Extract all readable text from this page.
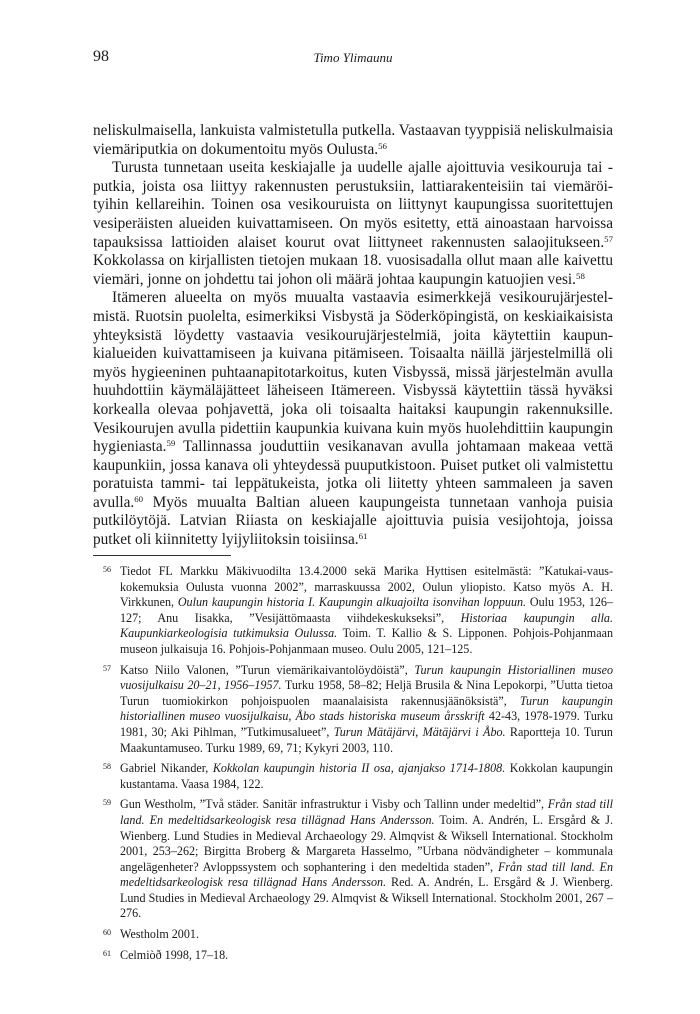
98	Timo Ylimaunu

neliskulmaisella, lankuista valmistetulla putkella. Vastaavan tyyppisiä neliskulmaisia viemäriputkia on dokumentoitu myös Oulusta.$^{56}$

Turusta tunnetaan useita keskiajalle ja uudelle ajalle ajoittuvia vesikouruja tai -putkia, joista osa liittyy rakennusten perustuksiin, lattiarakenteisiin tai viemäröityihin kellareihin. Toinen osa vesikouruista on liittynyt kaupungissa suoritettujen vesiperäisten alueiden kuivattamiseen. On myös esitetty, että ainoastaan harvoissa tapauksissa lattioiden alaiset kourut ovat liittyneet rakennusten salaojitukseen.$^{57}$ Kokkolassa on kirjallisten tietojen mukaan 18. vuosisadalla ollut maan alle kaivettu viemäri, jonne on johdettu tai johon oli määrä johtaa kaupungin katuojien vesi.$^{58}$

Itämeren alueelta on myös muualta vastaavia esimerkkejä vesikourujärjestelmistä. Ruotsin puolelta, esimerkiksi Visbystä ja Söderköpingistä, on keskiaikaisista yhteyksistä löydetty vastaavia vesikourujärjestelmiä, joita käytettiin kaupunkialueiden kuivattamiseen ja kuivana pitämiseen. Toisaalta näillä järjestelmillä oli myös hygieeninen puhtaanapitotarkoitus, kuten Visbyssä, missä järjestelmän avulla huuhdottiin käymäläjätteet läheiseen Itämereen. Visbyssä käytettiin tässä hyväksi korkealla olevaa pohjavettä, joka oli toisaalta haitaksi kaupungin rakennuksille. Vesikourujen avulla pidettiin kaupunkia kuivana kuin myös huolehdittiin kaupungin hygieniasta.$^{59}$ Tallinnassa jouduttiin vesikanavan avulla johtamaan makeaa vettä kaupunkiin, jossa kanava oli yhteydessä puuputkistoon. Puiset putket oli valmistettu poratuista tammi- tai leppätukeista, jotka oli liitetty yhteen sammaleen ja saven avulla.$^{60}$ Myös muualta Baltian alueen kaupungeista tunnetaan vanhoja puisia putkilöytöjä. Latvian Riiasta on keskiajalle ajoittuvia puisia vesijohtoja, joissa putket oli kiinnitetty lyijyliitoksin toisiinsa.$^{61}$

56 Tiedot FL Markku Mäkivuodilta 13.4.2000 sekä Marika Hyttisen esitelmästä: ”Katukai-vauskokemuksia Oulusta vuonna 2002”, marraskuussa 2002, Oulun yliopisto. Katso myös A. H. Virkkunen, Oulun kaupungin historia I. Kaupungin alkuajoilta isonvihan loppuun. Oulu 1953, 126–127; Anu Iisakka, ”Vesijättömaasta viihdekeskukseksi”, Historiaa kaupungin alla. Kaupunkiarkeologisia tutkimuksia Oulussa. Toim. T. Kallio & S. Lipponen. Pohjois-Pohjanmaan museon julkaisuja 16. Pohjois-Pohjanmaan museo. Oulu 2005, 121–125.
57 Katso Niilo Valonen, ”Turun viemärikaivantolöydöistä”, Turun kaupungin Historiallinen museo vuosijulkaisu 20–21, 1956–1957. Turku 1958, 58–82; Heljä Brusila & Nina Lepokorpi, ”Uutta tietoa Turun tuomiokirkon pohjoispuolen maanalaisista rakennusjäänöksistä”, Turun kaupungin historiallinen museo vuosijulkaisu, Åbo stads historiska museum årsskrift 42-43, 1978-1979. Turku 1981, 30; Aki Pihlman, ”Tutkimusalueet”, Turun Mätäjärvi, Mätäjärvi i Åbo. Raportteja 10. Turun Maakuntamuseo. Turku 1989, 69, 71; Kykyri 2003, 110.
58 Gabriel Nikander, Kokkolan kaupungin historia II osa, ajanjakso 1714-1808. Kokkolan kaupungin kustantama. Vaasa 1984, 122.
59 Gun Westholm, ”Två städer. Sanitär infrastruktur i Visby och Tallinn under medeltid”, Från stad till land. En medeltidsarkeologisk resa tillägnad Hans Andersson. Toim. A. Andrén, L. Ersgård & J. Wienberg. Lund Studies in Medieval Archaeology 29. Almqvist & Wiksell International. Stockholm 2001, 253–262; Birgitta Broberg & Margareta Hasselmo, ”Urbana nödvändigheter – kommunala angelägenheter? Avloppssystem och sophantering i den medeltida staden”, Från stad till land. En medeltidsarkeologisk resa tillägnad Hans Andersson. Red. A. Andrén, L. Ersgård & J. Wienberg. Lund Studies in Medieval Archaeology 29. Almqvist & Wiksell International. Stockholm 2001, 267 – 276.
60 Westholm 2001.
61 Celmiòð 1998, 17–18.
